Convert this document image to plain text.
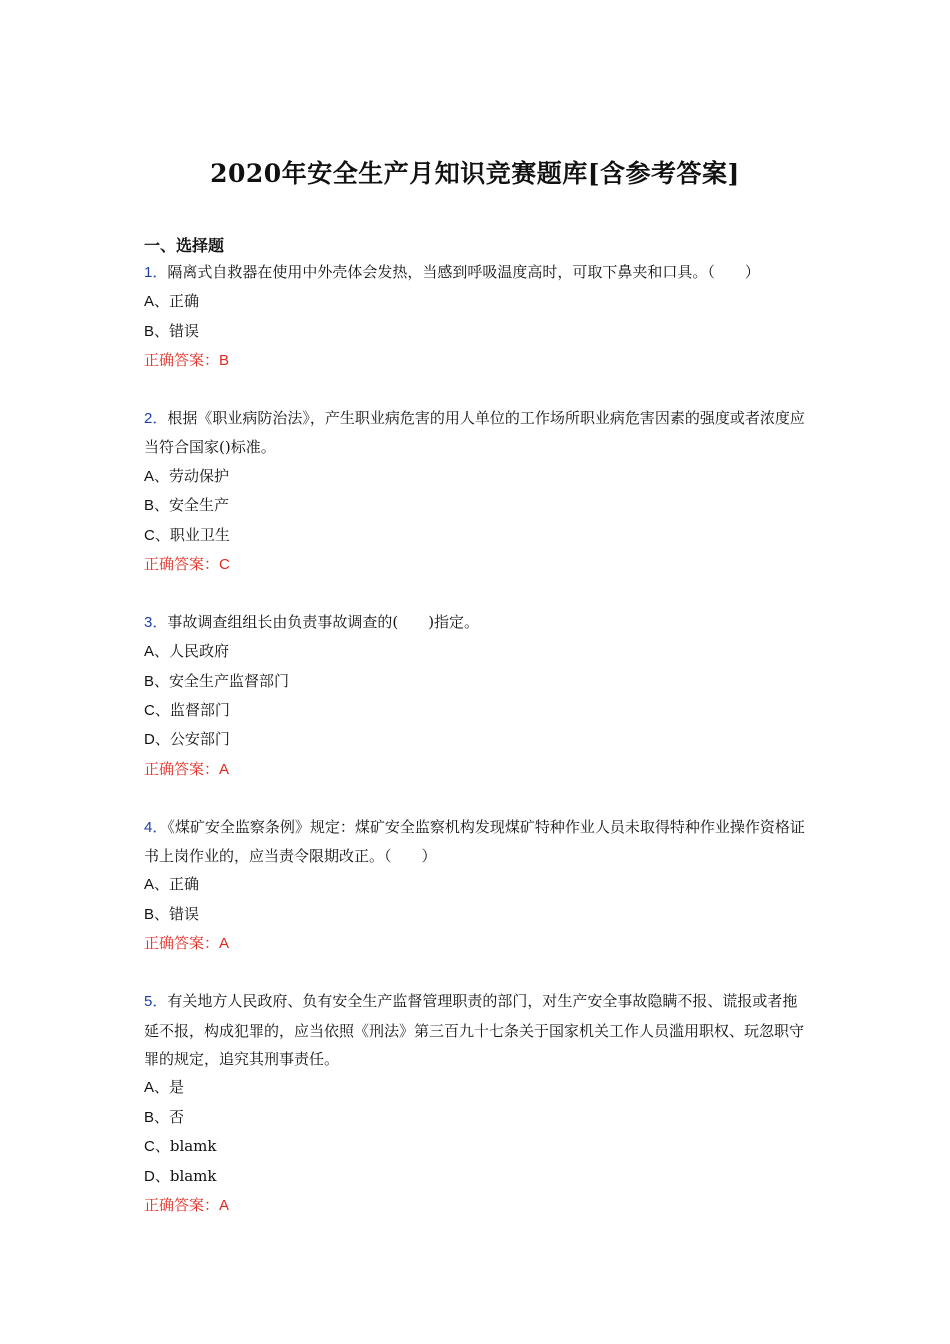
2020年安全生产月知识竞赛题库[含参考答案]
一、选择题

1．隔离式自救器在使用中外壳体会发热，当感到呼吸温度高时，可取下鼻夹和口具。（　　）

A、正确

B、错误

正确答案：B

2．根据《职业病防治法》，产生职业病危害的用人单位的工作场所职业病危害因素的强度或者浓度应当符合国家()标准。

A、劳动保护

B、安全生产

C、职业卫生

正确答案：C

3．事故调查组组长由负责事故调查的(　　)指定。

A、人民政府

B、安全生产监督部门

C、监督部门

D、公安部门

正确答案：A

4．《煤矿安全监察条例》规定：煤矿安全监察机构发现煤矿特种作业人员未取得特种作业操作资格证书上岗作业的，应当责令限期改正。（　　）

A、正确

B、错误

正确答案：A

5．有关地方人民政府、负有安全生产监督管理职责的部门，对生产安全事故隐瞒不报、谎报或者拖延不报，构成犯罪的，应当依照《刑法》第三百九十七条关于国家机关工作人员滥用职权、玩忽职守罪的规定，追究其刑事责任。

A、是

B、否

C、blamk

D、blamk

正确答案：A
